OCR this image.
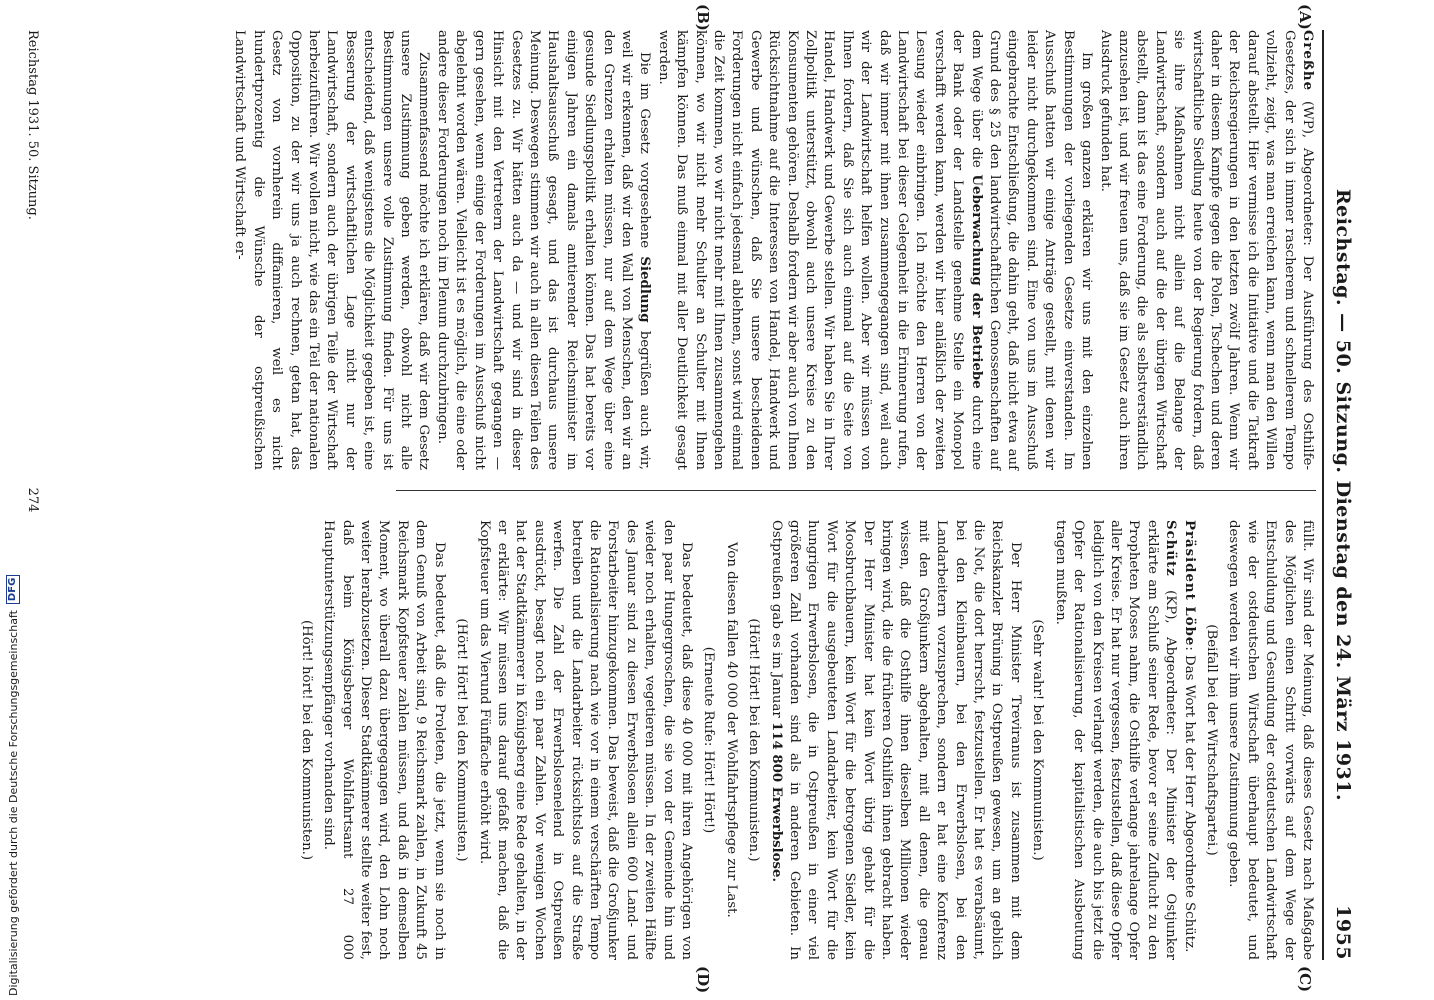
Reichstag. — 50. Sitzung. Dienstag den 24. März 1931.
1955
(A)
(B)
(C)
(D)

Greßhe (WP), Abgeordneter: Der Ausführung des Osthilfe-Gesetzes, der sich in immer rascherem und schnellerem Tempo vollzieht, zeigt, was man erreichen kann, wenn man den Willen darauf abstellt. Hier vermisse ich die Initiative und die Tatkraft der Reichsregierungen in den letzten zwölf Jahren. Wenn wir daher in diesem Kampfe gegen die Polen, Tschechen und deren wirtschaftliche Siedlung heute von der Regierung fordern, daß sie ihre Maßnahmen nicht allein auf die Belange der Landwirtschaft, sondern auch auf die der übrigen Wirtschaft abstellt, dann ist das eine Forderung, die als selbstverständlich anzusehen ist, und wir freuen uns, daß sie im Gesetz auch ihren Ausdruck gefunden hat.

Im großen ganzen erklären wir uns mit den einzelnen Bestimmungen der vorliegenden Gesetze einverstanden. Im Ausschuß hatten wir einige Anträge gestellt, mit denen wir leider nicht durchgekommen sind. Eine von uns im Ausschuß eingebrachte Entschließung, die dahin geht, daß nicht etwa auf Grund des § 25 den landwirtschaftlichen Genossenschaften auf dem Wege über die Ueberwachung der Betriebe durch eine der Bank oder der Landstelle genehme Stelle ein Monopol verschafft werden kann, werden wir hier anläßlich der zweiten Lesung wieder einbringen. Ich möchte den Herren von der Landwirtschaft bei dieser Gelegenheit in die Erinnerung rufen, daß wir immer mit ihnen zusammengegangen sind, weil auch wir der Landwirtschaft helfen wollen. Aber wir müssen von Ihnen fordern, daß Sie sich auch einmal auf die Seite von Handel, Handwerk und Gewerbe stellen. Wir haben Sie in Ihrer Zollpolitik unterstützt, obwohl auch unsere Kreise zu den Konsumenten gehören. Deshalb fordern wir aber auch von Ihnen Rücksichtnahme auf die Interessen von Handel, Handwerk und Gewerbe und wünschen, daß Sie unsere bescheidenen Forderungen nicht einfach jedesmal ablehnen, sonst wird einmal die Zeit kommen, wo wir nicht mehr mit Ihnen zusammengehen können, wo wir nicht mehr Schulter an Schulter mit Ihnen kämpfen können. Das muß einmal mit aller Deutlichkeit gesagt werden.

Die im Gesetz vorgesehene Siedlung begrüßen auch wir, weil wir erkennen, daß wir den Wall von Menschen, den wir an den Grenzen erhalten müssen, nur auf dem Wege über eine gesunde Siedlungspolitik erhalten können. Das hat bereits vor einigen Jahren ein damals amtierender Reichsminister im Haushaltsausschuß gesagt, und das ist durchaus unsere Meinung. Deswegen stimmen wir auch in allen diesen Teilen des Gesetzes zu. Wir hätten auch da — und wir sind in dieser Hinsicht mit den Vertretern der Landwirtschaft gegangen — gern gesehen, wenn einige der Forderungen im Ausschuß nicht abgelehnt worden wären. Vielleicht ist es möglich, die eine oder andere dieser Forderungen noch im Plenum durchzubringen.

Zusammenfassend möchte ich erklären, daß wir dem Gesetz unsere Zustimmung geben werden, obwohl nicht alle Bestimmungen unsere volle Zustimmung finden. Für uns ist entscheidend, daß wenigstens die Möglichkeit gegeben ist, eine Besserung der wirtschaftlichen Lage nicht nur der Landwirtschaft, sondern auch der übrigen Teile der Wirtschaft herbeizuführen. Wir wollen nicht, wie das ein Teil der nationalen Opposition, zu der wir uns ja auch rechnen, getan hat, das Gesetz von vornherein diffamieren, weil es nicht hundertprozentig die Wünsche der ostpreußischen Landwirtschaft und Wirtschaft er-

füllt. Wir sind der Meinung, daß dieses Gesetz nach Maßgabe des Möglichen einen Schritt vorwärts auf dem Wege der Entschuldung und Gesundung der ostdeutschen Landwirtschaft wie der ostdeutschen Wirtschaft überhaupt bedeutet, und deswegen werden wir ihm unsere Zustimmung geben.

(Beifall bei der Wirtschaftspartei.)

Präsident Löbe: Das Wort hat der Herr Abgeordnete Schütz.

Schütz (KP), Abgeordneter: Der Minister der Ostjunker erklärte am Schluß seiner Rede, bevor er seine Zuflucht zu den Propheten Moses nahm, die Osthilfe verlange jahrelange Opfer aller Kreise. Er hat nur vergessen, festzustellen, daß diese Opfer lediglich von den Kreisen verlangt werden, die auch bis jetzt die Opfer der Rationalisierung, der kapitalistischen Ausbeutung tragen mußten.

(Sehr wahr! bei den Kommunisten.)

Der Herr Minister Treviranus ist zusammen mit dem Reichskanzler Brüning in Ostpreußen gewesen, um an geblich die Not, die dort herrscht, festzustellen. Er hat es verabsäumt, bei den Kleinbauern, bei den Erwerbslosen, bei den Landarbeitern vorzusprechen, sondern er hat eine Konferenz mit den Großjunkern abgehalten, mit all denen, die genau wissen, daß die Osthilfe ihnen dieselben Millionen wieder bringen wird, die die früheren Osthilfen ihnen gebracht haben. Der Herr Minister hat kein Wort übrig gehabt für die Moosbruchbauern, kein Wort für die betrogenen Siedler, kein Wort für die ausgebeuteten Landarbeiter, kein Wort für die hungrigen Erwerbslosen, die in Ostpreußen in einer viel größeren Zahl vorhanden sind als in anderen Gebieten. In Ostpreußen gab es im Januar 114 800 Erwerbslose.

(Hört! Hört! bei den Kommunisten.)

Von diesen fallen 40 000 der Wohlfahrtspflege zur Last.

(Erneute Rufe: Hört! Hört!)

Das bedeutet, daß diese 40 000 mit ihren Angehörigen von den paar Hungergroschen, die sie von der Gemeinde hin und wieder noch erhalten, vegetieren müssen. In der zweiten Hälfte des Januar sind zu diesen Erwerbslosen allein 600 Land- und Forstarbeiter hinzugekommen. Das beweist, daß die Großjunker die Rationalisierung nach wie vor in einem verschärften Tempo betreiben und die Landarbeiter rücksichtslos auf die Straße werfen. Die Zahl der Erwerbslosenelend in Ostpreußen ausdrückt, besagt noch ein paar Zahlen. Vor wenigen Wochen hat der Stadtkämmerer in Königsberg eine Rede gehalten, in der er erklärte: Wir müssen uns darauf gefaßt machen, daß die Kopfsteuer um das Vierund Fünffache erhöht wird.

(Hört! Hört! bei den Kommunisten.)

Das bedeutet, daß die Proleten, die jetzt, wenn sie noch in dem Genuß von Arbeit sind, 9 Reichsmark zahlen, in Zukunft 45 Reichsmark Kopfsteuer zahlen müssen, und daß in demselben Moment, wo überall dazu übergegangen wird, den Lohn noch weiter herabzusetzen. Dieser Stadtkämmerer stellte weiter fest, daß beim Königsberger Wohlfahrtsamt 27 000 Hauptunterstützungsempfänger vorhanden sind.

(Hört! hört! bei den Kommunisten.)

Reichstag 1931. 50. Sitzung.
274
Digitalisierung gefördert durch die Deutsche Forschungsgemeinschaft
DFG
